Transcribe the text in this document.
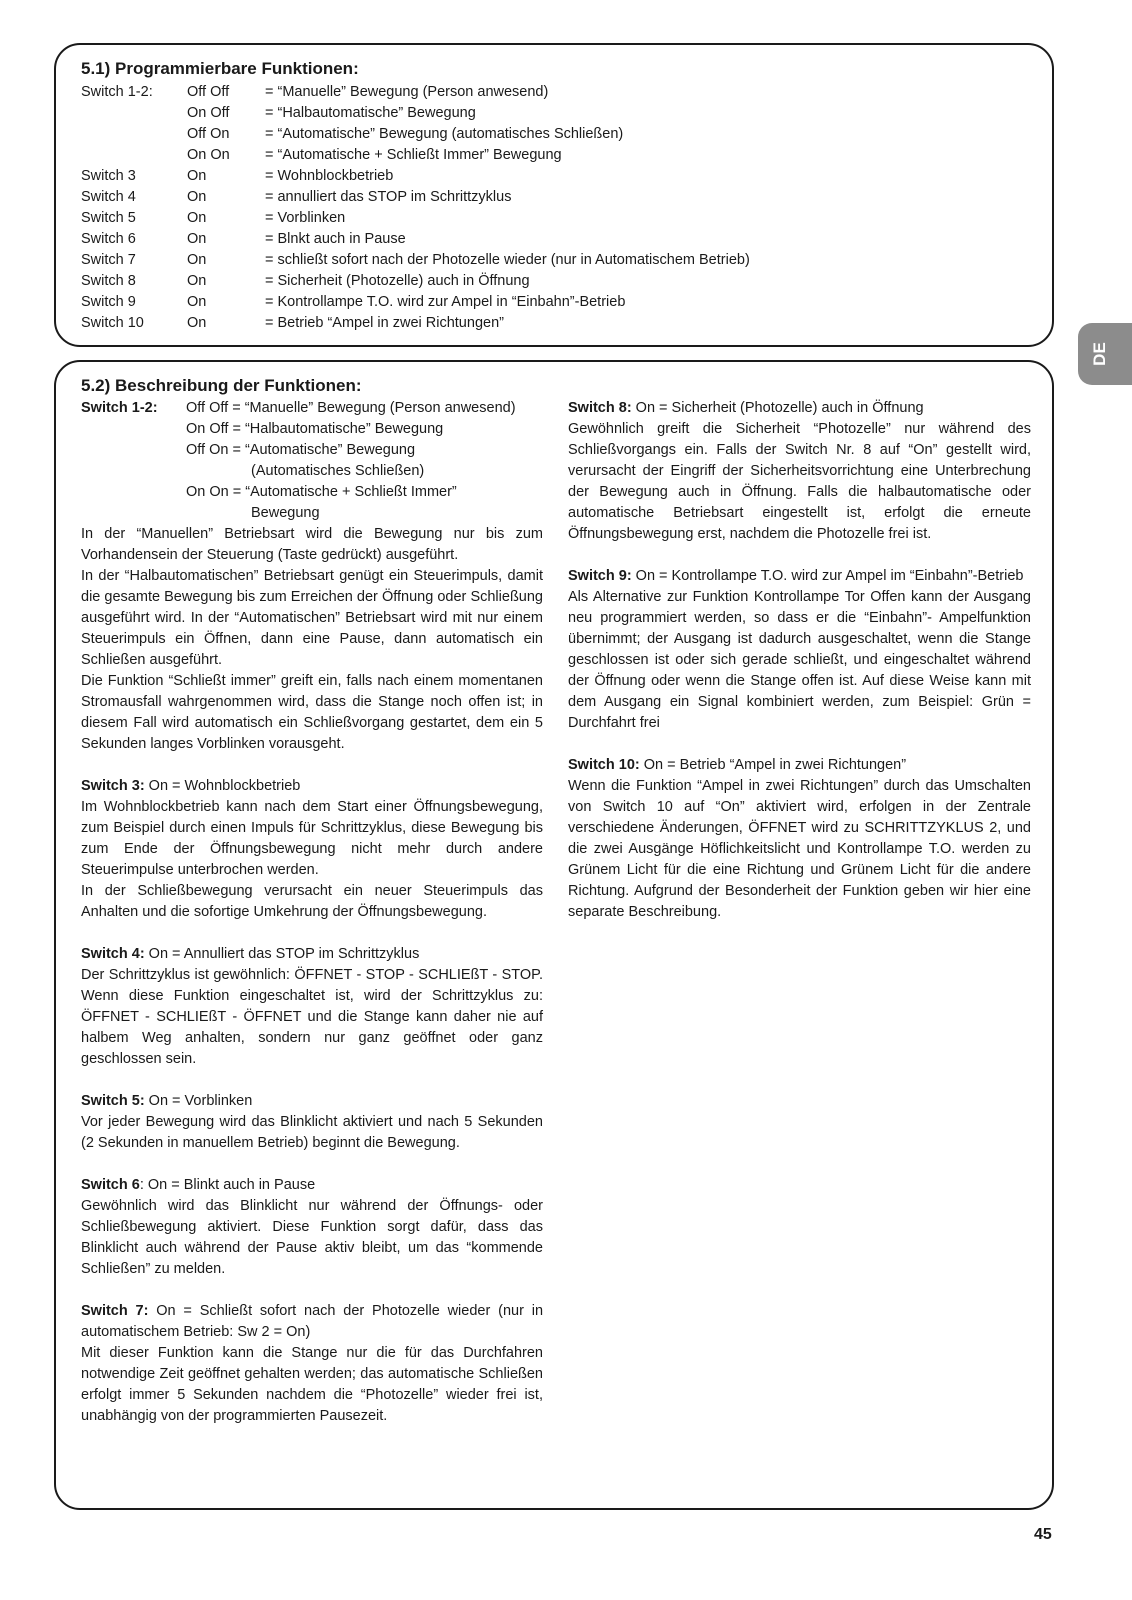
5.1) Programmierbare Funktionen:
Switch 1-2: Off Off = “Manuelle” Bewegung (Person anwesend)
On Off = “Halbautomatische” Bewegung
Off On = “Automatische” Bewegung (automatisches Schließen)
On On = “Automatische + Schließt Immer” Bewegung
Switch 3	On	= Wohnblockbetrieb
Switch 4	On	= annulliert das STOP im Schrittzyklus
Switch 5	On	= Vorblinken
Switch 6	On	= Blnkt auch in Pause
Switch 7	On	= schließt sofort nach der Photozelle wieder (nur in Automatischem Betrieb)
Switch 8	On	= Sicherheit (Photozelle) auch in Öffnung
Switch 9	On	= Kontrollampe T.O. wird zur Ampel in “Einbahn”-Betrieb
Switch 10	On	= Betrieb “Ampel in zwei Richtungen”
DE
5.2) Beschreibung der Funktionen:
Switch 1-2: Off Off = “Manuelle” Bewegung (Person anwesend)
On Off = “Halbautomatische” Bewegung
Off On = “Automatische” Bewegung
(Automatisches Schließen)
On On = “Automatische + Schließt Immer”
Bewegung

In der “Manuellen” Betriebsart wird die Bewegung nur bis zum Vorhandensein der Steuerung (Taste gedrückt) ausgeführt.

In der “Halbautomatischen” Betriebsart genügt ein Steuerimpuls, damit die gesamte Bewegung bis zum Erreichen der Öffnung oder Schließung ausgeführt wird. In der “Automatischen” Betriebsart wird mit nur einem Steuerimpuls ein Öffnen, dann eine Pause, dann automatisch ein Schließen ausgeführt.

Die Funktion “Schließt immer” greift ein, falls nach einem momentanen Stromausfall wahrgenommen wird, dass die Stange noch offen ist; in diesem Fall wird automatisch ein Schließvorgang gestartet, dem ein 5 Sekunden langes Vorblinken vorausgeht.

Switch 3: On = Wohnblockbetrieb

Im Wohnblockbetrieb kann nach dem Start einer Öffnungsbewegung, zum Beispiel durch einen Impuls für Schrittzyklus, diese Bewegung bis zum Ende der Öffnungsbewegung nicht mehr durch andere Steuerimpulse unterbrochen werden.

In der Schließbewegung verursacht ein neuer Steuerimpuls das Anhalten und die sofortige Umkehrung der Öffnungsbewegung.

Switch 4: On = Annulliert das STOP im Schrittzyklus

Der Schrittzyklus ist gewöhnlich: ÖFFNET - STOP - SCHLIEßT - STOP. Wenn diese Funktion eingeschaltet ist, wird der Schrittzyklus zu: ÖFFNET - SCHLIEßT - ÖFFNET und die Stange kann daher nie auf halbem Weg anhalten, sondern nur ganz geöffnet oder ganz geschlossen sein.

Switch 5: On = Vorblinken

Vor jeder Bewegung wird das Blinklicht aktiviert und nach 5 Sekunden (2 Sekunden in manuellem Betrieb) beginnt die Bewegung.

Switch 6: On = Blinkt auch in Pause

Gewöhnlich wird das Blinklicht nur während der Öffnungs- oder Schließbewegung aktiviert. Diese Funktion sorgt dafür, dass das Blinklicht auch während der Pause aktiv bleibt, um das “kommende Schließen” zu melden.

Switch 7: On = Schließt sofort nach der Photozelle wieder (nur in automatischem Betrieb: Sw 2 = On)

Mit dieser Funktion kann die Stange nur die für das Durchfahren notwendige Zeit geöffnet gehalten werden; das automatische Schließen erfolgt immer 5 Sekunden nachdem die “Photozelle” wieder frei ist, unabhängig von der programmierten Pausezeit.

Switch 8: On = Sicherheit (Photozelle) auch in Öffnung

Gewöhnlich greift die Sicherheit “Photozelle” nur während des Schließvorgangs ein. Falls der Switch Nr. 8 auf “On” gestellt wird, verursacht der Eingriff der Sicherheitsvorrichtung eine Unterbrechung der Bewegung auch in Öffnung. Falls die halbautomatische oder automatische Betriebsart eingestellt ist, erfolgt die erneute Öffnungsbewegung erst, nachdem die Photozelle frei ist.

Switch 9: On = Kontrollampe T.O. wird zur Ampel im “Einbahn”-Betrieb

Als Alternative zur Funktion Kontrollampe Tor Offen kann der Ausgang neu programmiert werden, so dass er die “Einbahn”- Ampelfunktion übernimmt; der Ausgang ist dadurch ausgeschaltet, wenn die Stange geschlossen ist oder sich gerade schließt, und eingeschaltet während der Öffnung oder wenn die Stange offen ist. Auf diese Weise kann mit dem Ausgang ein Signal kombiniert werden, zum Beispiel: Grün = Durchfahrt frei

Switch 10: On = Betrieb “Ampel in zwei Richtungen”

Wenn die Funktion “Ampel in zwei Richtungen” durch das Umschalten von Switch 10 auf “On” aktiviert wird, erfolgen in der Zentrale verschiedene Änderungen, ÖFFNET wird zu SCHRITTZYKLUS 2, und die zwei Ausgänge Höflichkeitslicht und Kontrollampe T.O. werden zu Grünem Licht für die eine Richtung und Grünem Licht für die andere Richtung. Aufgrund der Besonderheit der Funktion geben wir hier eine separate Beschreibung.

45
